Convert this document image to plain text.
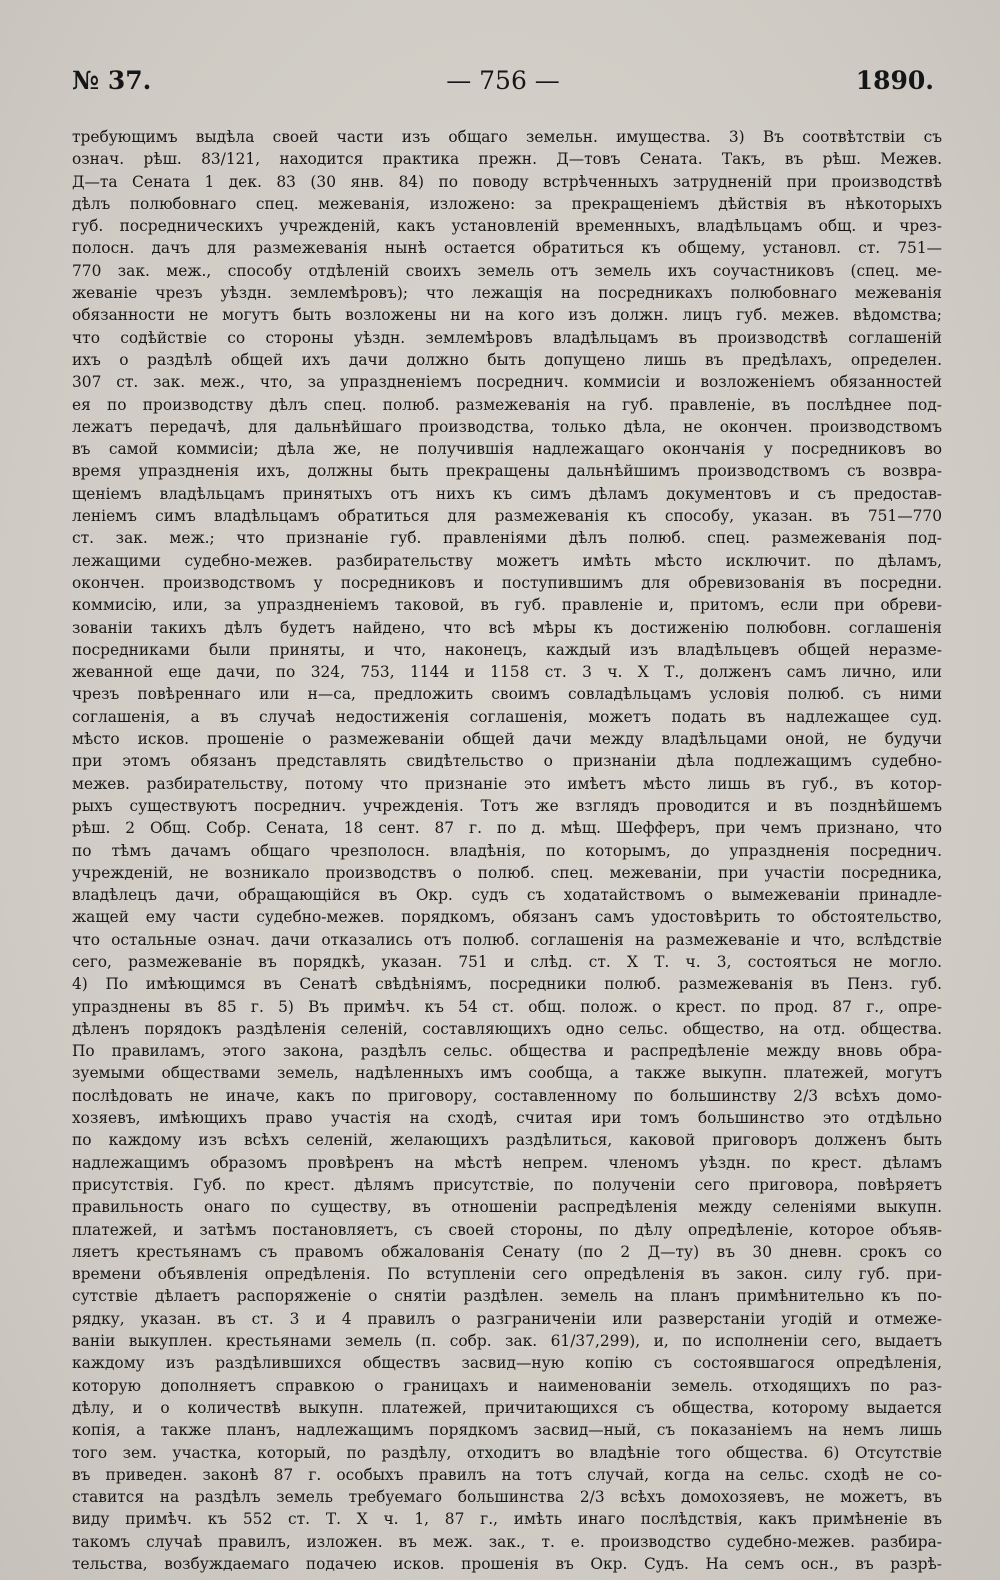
№ 37.	— 756 —	1890.
требующимъ выдѣла своей части изъ общаго земельн. имущества. 3) Въ соотвѣтствіи съ
означ. рѣш. 83/121, находится практика прежн. Д—товъ Сената. Такъ, въ рѣш. Межев.
Д—та Сената 1 дек. 83 (30 янв. 84) по поводу встрѣченныхъ затрудненій при производствѣ
дѣлъ полюбовнаго спец. межеванія, изложено: за прекращеніемъ дѣйствія въ нѣкоторыхъ
губ. посредническихъ учрежденій, какъ установленій временныхъ, владѣльцамъ общ. и чрез-
полосн. дачъ для размежеванія нынѣ остается обратиться къ общему, установл. ст. 751—
770 зак. меж., способу отдѣленій своихъ земель отъ земель ихъ соучастниковъ (спец. ме-
жеваніе чрезъ уѣздн. землемѣровъ); что лежащія на посредникахъ полюбовнаго межеванія
обязанности не могутъ быть возложены ни на кого изъ должн. лицъ губ. межев. вѣдомства;
что содѣйствіе со стороны уѣздн. землемѣровъ владѣльцамъ въ производствѣ соглашеній
ихъ о раздѣлѣ общей ихъ дачи должно быть допущено лишь въ предѣлахъ, определен.
307 ст. зак. меж., что, за упраздненіемъ посреднич. коммисіи и возложеніемъ обязанностей
ея по производству дѣлъ спец. полюб. размежеванія на губ. правленіе, въ послѣднее под-
лежатъ передачѣ, для дальнѣйшаго производства, только дѣла, не окончен. производствомъ
въ самой коммисіи; дѣла же, не получившія надлежащаго окончанія у посредниковъ во
время упраздненія ихъ, должны быть прекращены дальнѣйшимъ производствомъ съ возвра-
щеніемъ владѣльцамъ принятыхъ отъ нихъ къ симъ дѣламъ документовъ и съ предостав-
леніемъ симъ владѣльцамъ обратиться для размежеванія къ способу, указан. въ 751—770
ст. зак. меж.; что признаніе губ. правленіями дѣлъ полюб. спец. размежеванія под-
лежащими судебно-межев. разбирательству можетъ имѣть мѣсто исключит. по дѣламъ,
окончен. производствомъ у посредниковъ и поступившимъ для обревизованія въ посредни.
коммисію, или, за упраздненіемъ таковой, въ губ. правленіе и, притомъ, если при обреви-
зованіи такихъ дѣлъ будетъ найдено, что всѣ мѣры къ достиженію полюбовн. соглашенія
посредниками были приняты, и что, наконецъ, каждый изъ владѣльцевъ общей неразме-
жеванной еще дачи, по 324, 753, 1144 и 1158 ст. 3 ч. X Т., долженъ самъ лично, или
чрезъ повѣреннаго или н—са, предложить своимъ совладѣльцамъ условія полюб. съ ними
соглашенія, а въ случаѣ недостиженія соглашенія, можетъ подать въ надлежащее суд.
мѣсто исков. прошеніе о размежеваніи общей дачи между владѣльцами оной, не будучи
при этомъ обязанъ представлять свидѣтельство о признаніи дѣла подлежащимъ судебно-
межев. разбирательству, потому что признаніе это имѣетъ мѣсто лишь въ губ., въ котор-
рыхъ существуютъ посреднич. учрежденія. Тотъ же взглядъ проводится и въ позднѣйшемъ
рѣш. 2 Общ. Собр. Сената, 18 сент. 87 г. по д. мѣщ. Шефферъ, при чемъ признано, что
по тѣмъ дачамъ общаго чрезполосн. владѣнія, по которымъ, до упраздненія посреднич.
учрежденій, не возникало производствъ о полюб. спец. межеваніи, при участіи посредника,
владѣлецъ дачи, обращающійся въ Окр. судъ съ ходатайствомъ о вымежеваніи принадле-
жащей ему части судебно-межев. порядкомъ, обязанъ самъ удостовѣрить то обстоятельство,
что остальные означ. дачи отказались отъ полюб. соглашенія на размежеваніе и что, вслѣдствіе
сего, размежеваніе въ порядкѣ, указан. 751 и слѣд. ст. X Т. ч. 3, состояться не могло.
4) По имѣющимся въ Сенатѣ свѣдѣніямъ, посредники полюб. размежеванія въ Пенз. губ.
упразднены въ 85 г. 5) Въ примѣч. къ 54 ст. общ. полож. о крест. по прод. 87 г., опре-
дѣленъ порядокъ раздѣленія селеній, составляющихъ одно сельс. общество, на отд. общества.
По правиламъ, этого закона, раздѣлъ сельс. общества и распредѣленіе между вновь обра-
зуемыми обществами земель, надѣленныхъ имъ сообща, а также выкупн. платежей, могутъ
послѣдовать не иначе, какъ по приговору, составленному по большинству 2/3 всѣхъ домо-
хозяевъ, имѣющихъ право участія на сходѣ, считая ири томъ большинство это отдѣльно
по каждому изъ всѣхъ селеній, желающихъ раздѣлиться, каковой приговоръ долженъ быть
надлежащимъ образомъ провѣренъ на мѣстѣ непрем. членомъ уѣздн. по крест. дѣламъ
присутствія. Губ. по крест. дѣлямъ присутствіе, по полученіи сего приговора, повѣряетъ
правильность онаго по существу, въ отношеніи распредѣленія между селеніями выкупн.
платежей, и затѣмъ постановляетъ, съ своей стороны, по дѣлу опредѣленіе, которое объяв-
ляетъ крестьянамъ съ правомъ обжалованія Сенату (по 2 Д—ту) въ 30 дневн. срокъ со
времени объявленія опредѣленія. По вступленіи сего опредѣленія въ закон. силу губ. при-
сутствіе дѣлаетъ распоряженіе о снятіи раздѣлен. земель на планъ примѣнительно къ по-
рядку, указан. въ ст. 3 и 4 правилъ о разграниченіи или разверстаніи угодій и отмеже-
ваніи выкуплен. крестьянами земель (п. собр. зак. 61/37,299), и, по исполненіи сего, выдаетъ
каждому изъ раздѣлившихся обществъ засвид—ную копію съ состоявшагося опредѣленія,
которую дополняетъ справкою о границахъ и наименованіи земель. отходящихъ по раз-
дѣлу, и о количествѣ выкупн. платежей, причитающихся съ общества, которому выдается
копія, а также планъ, надлежащимъ порядкомъ засвид—ный, съ показаніемъ на немъ лишь
того зем. участка, который, по раздѣлу, отходитъ во владѣніе того общества. 6) Отсутствіе
въ приведен. законѣ 87 г. особыхъ правилъ на тотъ случай, когда на сельс. сходѣ не со-
ставится на раздѣлъ земель требуемаго большинства 2/3 всѣхъ домохозяевъ, не можетъ, въ
виду примѣч. къ 552 ст. Т. X ч. 1, 87 г., имѣть инаго послѣдствія, какъ примѣненіе въ
такомъ случаѣ правилъ, изложен. въ меж. зак., т. е. производство судебно-межев. разбира-
тельства, возбуждаемаго подачею исков. прошенія въ Окр. Судъ. На семъ осн., въ разрѣ-
